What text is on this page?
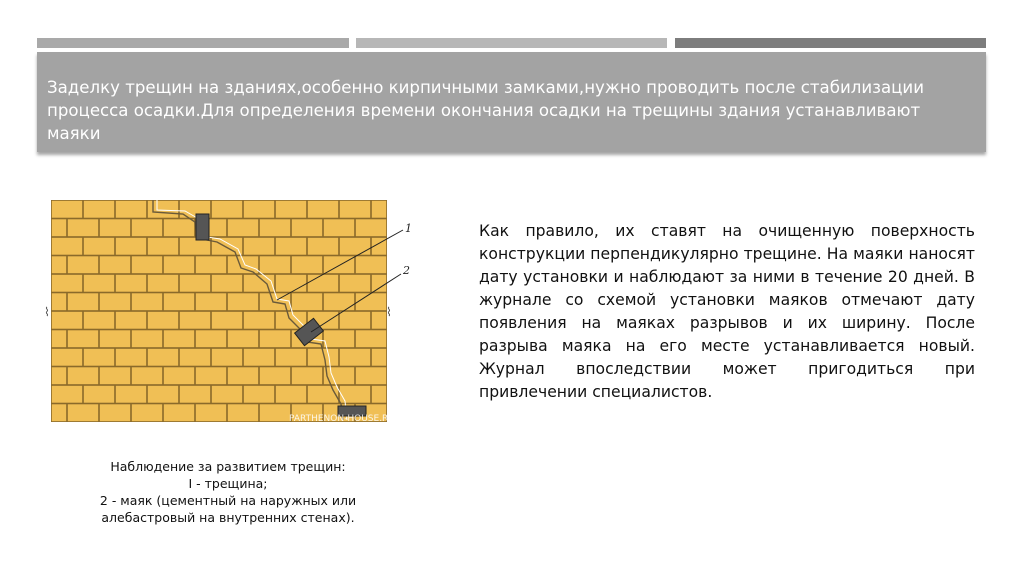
Заделку трещин на зданиях,особенно кирпичными замками,нужно проводить после стабилизации процесса осадки.Для определения времени окончания осадки на трещины здания устанавливают маяки

1
2
⌇	⌇
PARTHENON-HOUSE.RU
Наблюдение за развитием трещин:
I - трещина;
2 - маяк (цементный на наружных или
алебастровый на внутренних стенах).

Как правило, их ставят на очищенную поверхность конструкции перпендикулярно трещине. На маяки наносят дату установки и наблюдают за ними в течение 20 дней. В журнале со схемой установки маяков отмечают дату появления на маяках разрывов и их ширину. После разрыва маяка на его месте устанавливается новый. Журнал впоследствии может пригодиться при привлечении специалистов.
